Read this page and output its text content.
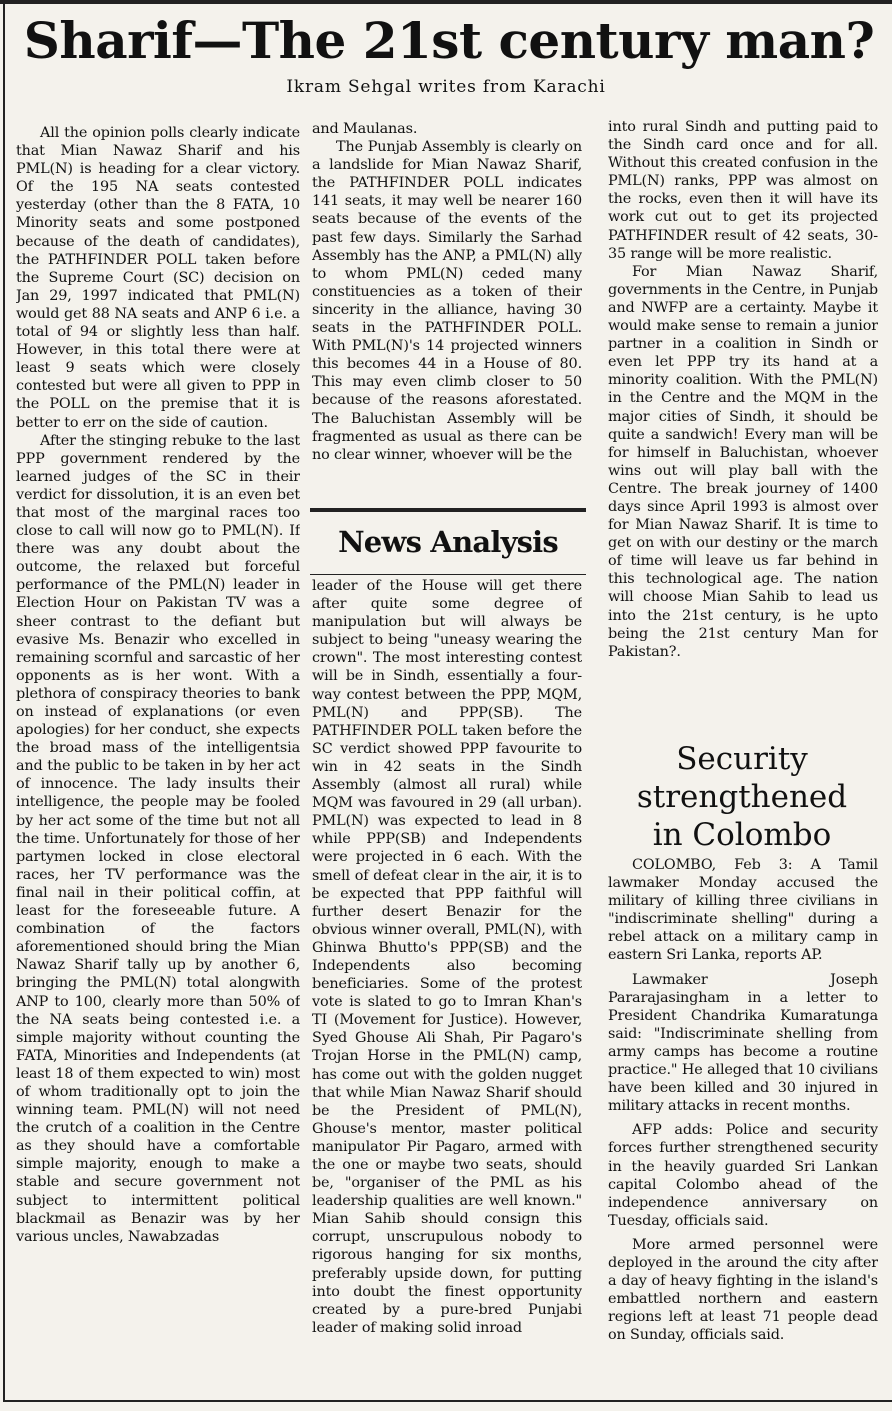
Sharif—The 21st century man?

Ikram Sehgal writes from Karachi

All the opinion polls clearly indicate that Mian Nawaz Sharif and his PML(N) is heading for a clear victory. Of the 195 NA seats contested yesterday (other than the 8 FATA, 10 Minority seats and some postponed because of the death of candidates), the PATHFINDER POLL taken before the Supreme Court (SC) decision on Jan 29, 1997 indicated that PML(N) would get 88 NA seats and ANP 6 i.e. a total of 94 or slightly less than half. However, in this total there were at least 9 seats which were closely contested but were all given to PPP in the POLL on the premise that it is better to err on the side of caution.

After the stinging rebuke to the last PPP government rendered by the learned judges of the SC in their verdict for dissolution, it is an even bet that most of the marginal races too close to call will now go to PML(N). If there was any doubt about the outcome, the relaxed but forceful performance of the PML(N) leader in Election Hour on Pakistan TV was a sheer contrast to the defiant but evasive Ms. Benazir who excelled in remaining scornful and sarcastic of her opponents as is her wont. With a plethora of conspiracy theories to bank on instead of explanations (or even apologies) for her conduct, she expects the broad mass of the intelligentsia and the public to be taken in by her act of innocence. The lady insults their intelligence, the people may be fooled by her act some of the time but not all the time. Unfortunately for those of her partymen locked in close electoral races, her TV performance was the final nail in their political coffin, at least for the foreseeable future. A combination of the factors aforementioned should bring the Mian Nawaz Sharif tally up by another 6, bringing the PML(N) total alongwith ANP to 100, clearly more than 50% of the NA seats being contested i.e. a simple majority without counting the FATA, Minorities and Independents (at least 18 of them expected to win) most of whom traditionally opt to join the winning team. PML(N) will not need the crutch of a coalition in the Centre as they should have a comfortable simple majority, enough to make a stable and secure government not subject to intermittent political blackmail as Benazir was by her various uncles, Nawabzadas

and Maulanas.

The Punjab Assembly is clearly on a landslide for Mian Nawaz Sharif, the PATHFINDER POLL indicates 141 seats, it may well be nearer 160 seats because of the events of the past few days. Similarly the Sarhad Assembly has the ANP, a PML(N) ally to whom PML(N) ceded many constituencies as a token of their sincerity in the alliance, having 30 seats in the PATHFINDER POLL. With PML(N)'s 14 projected winners this becomes 44 in a House of 80. This may even climb closer to 50 because of the reasons aforestated. The Baluchistan Assembly will be fragmented as usual as there can be no clear winner, whoever will be the

News Analysis

leader of the House will get there after quite some degree of manipulation but will always be subject to being "uneasy wearing the crown". The most interesting contest will be in Sindh, essentially a four-way contest between the PPP, MQM, PML(N) and PPP(SB). The PATHFINDER POLL taken before the SC verdict showed PPP favourite to win in 42 seats in the Sindh Assembly (almost all rural) while MQM was favoured in 29 (all urban). PML(N) was expected to lead in 8 while PPP(SB) and Independents were projected in 6 each. With the smell of defeat clear in the air, it is to be expected that PPP faithful will further desert Benazir for the obvious winner overall, PML(N), with Ghinwa Bhutto's PPP(SB) and the Independents also becoming beneficiaries. Some of the protest vote is slated to go to Imran Khan's TI (Movement for Justice). However, Syed Ghouse Ali Shah, Pir Pagaro's Trojan Horse in the PML(N) camp, has come out with the golden nugget that while Mian Nawaz Sharif should be the President of PML(N), Ghouse's mentor, master political manipulator Pir Pagaro, armed with the one or maybe two seats, should be, "organiser of the PML as his leadership qualities are well known." Mian Sahib should consign this corrupt, unscrupulous nobody to rigorous hanging for six months, preferably upside down, for putting into doubt the finest opportunity created by a pure-bred Punjabi leader of making solid inroad

into rural Sindh and putting paid to the Sindh card once and for all. Without this created confusion in the PML(N) ranks, PPP was almost on the rocks, even then it will have its work cut out to get its projected PATHFINDER result of 42 seats, 30-35 range will be more realistic.

For Mian Nawaz Sharif, governments in the Centre, in Punjab and NWFP are a certainty. Maybe it would make sense to remain a junior partner in a coalition in Sindh or even let PPP try its hand at a minority coalition. With the PML(N) in the Centre and the MQM in the major cities of Sindh, it should be quite a sandwich! Every man will be for himself in Baluchistan, whoever wins out will play ball with the Centre. The break journey of 1400 days since April 1993 is almost over for Mian Nawaz Sharif. It is time to get on with our destiny or the march of time will leave us far behind in this technological age. The nation will choose Mian Sahib to lead us into the 21st century, is he upto being the 21st century Man for Pakistan?.

Security strengthened in Colombo

COLOMBO, Feb 3: A Tamil lawmaker Monday accused the military of killing three civilians in "indiscriminate shelling" during a rebel attack on a military camp in eastern Sri Lanka, reports AP.

Lawmaker Joseph Pararajasingham in a letter to President Chandrika Kumaratunga said: "Indiscriminate shelling from army camps has become a routine practice." He alleged that 10 civilians have been killed and 30 injured in military attacks in recent months.

AFP adds: Police and security forces further strengthened security in the heavily guarded Sri Lankan capital Colombo ahead of the independence anniversary on Tuesday, officials said.

More armed personnel were deployed in the around the city after a day of heavy fighting in the island's embattled northern and eastern regions left at least 71 people dead on Sunday, officials said.
